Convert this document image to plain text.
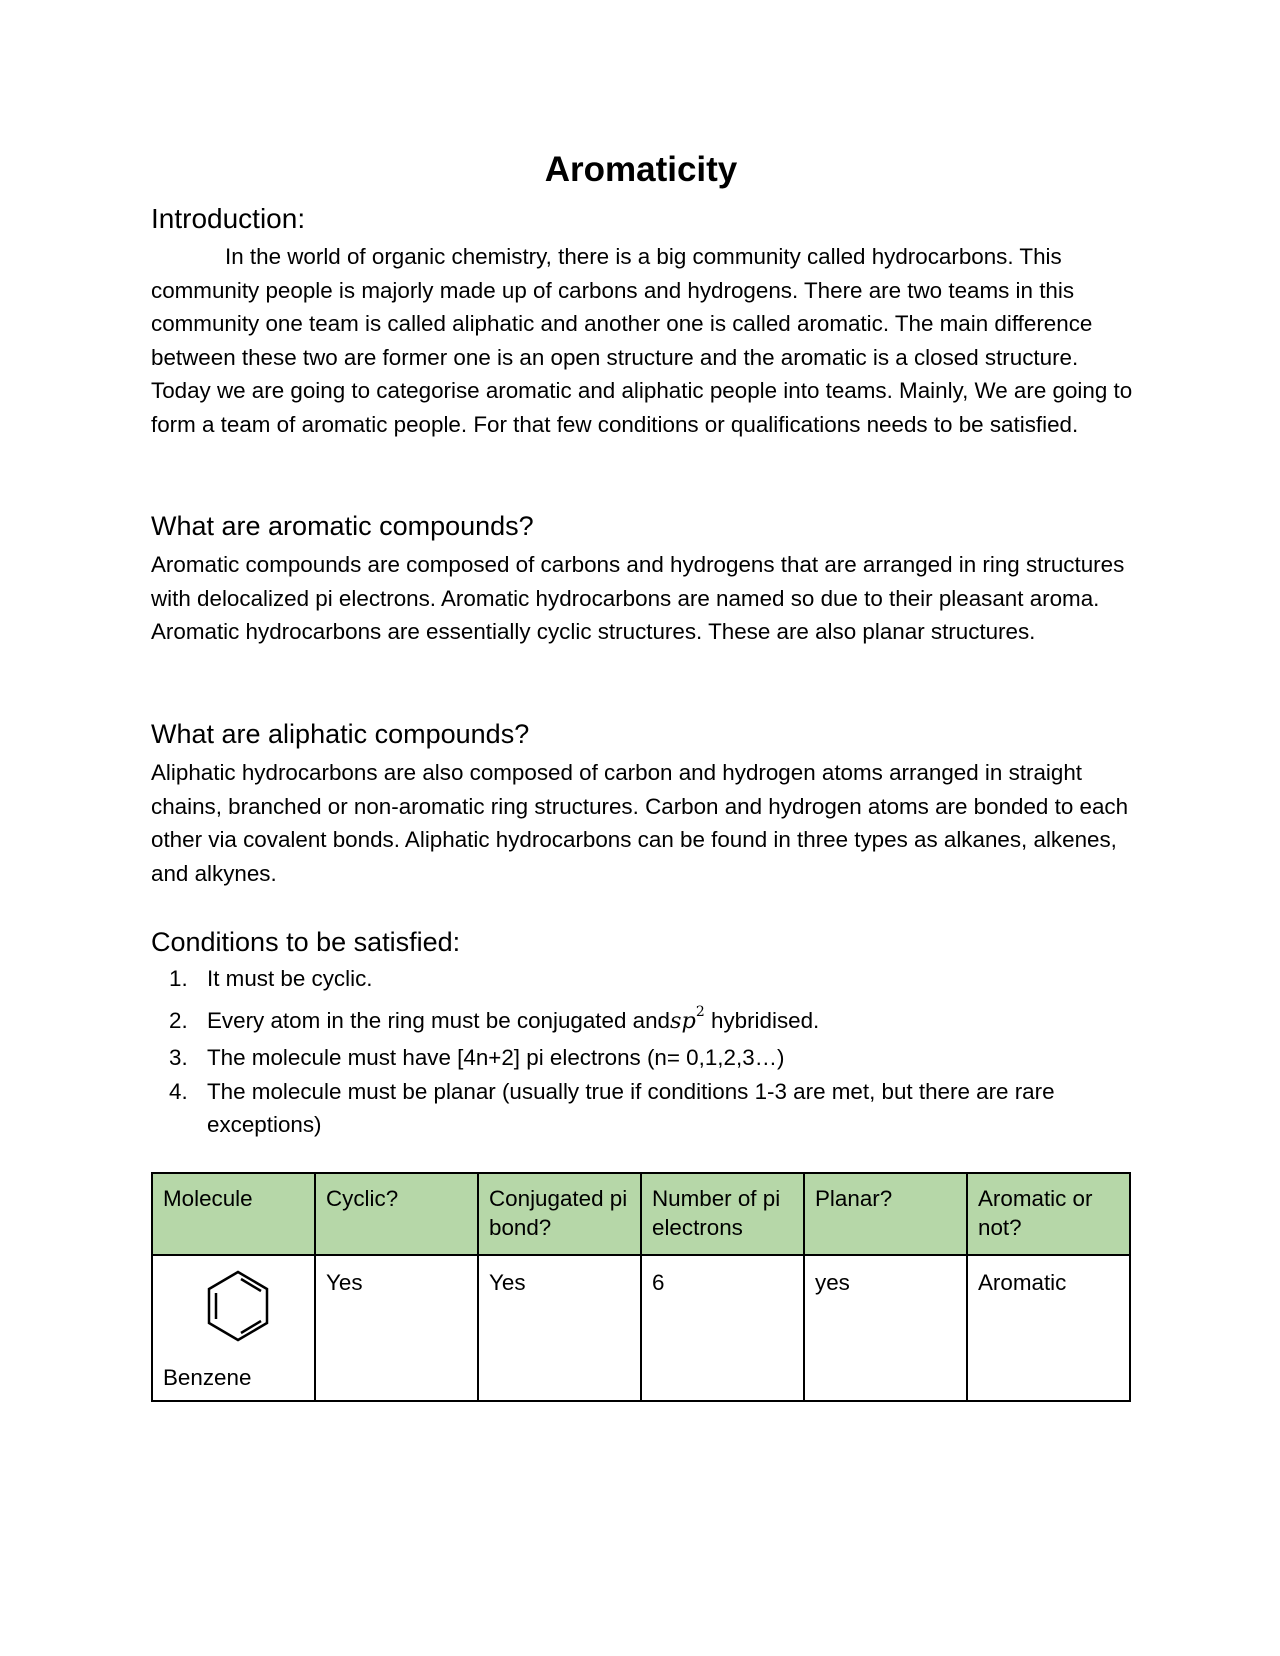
Aromaticity
Introduction:

In the world of organic chemistry, there is a big community called hydrocarbons. This community people is majorly made up of carbons and hydrogens. There are two teams in this community one team is called aliphatic and another one is called aromatic. The main difference between these two are former one is an open structure and the aromatic is a closed structure. Today we are going to categorise aromatic and aliphatic people into teams. Mainly, We are going to form a team of aromatic people. For that few conditions or qualifications needs to be satisfied.

What are aromatic compounds?

Aromatic compounds are composed of carbons and hydrogens that are arranged in ring structures with delocalized pi electrons. Aromatic hydrocarbons are named so due to their pleasant aroma. Aromatic hydrocarbons are essentially cyclic structures. These are also planar structures.

What are aliphatic compounds?

Aliphatic hydrocarbons are also composed of carbon and hydrogen atoms arranged in straight chains, branched or non-aromatic ring structures. Carbon and hydrogen atoms are bonded to each other via covalent bonds. Aliphatic hydrocarbons can be found in three types as alkanes, alkenes, and alkynes.

Conditions to be satisfied:
1. It must be cyclic.
2. Every atom in the ring must be conjugated andsp$^2$ hybridised.
3. The molecule must have [4n+2] pi electrons (n= 0,1,2,3…)
4. The molecule must be planar (usually true if conditions 1-3 are met, but there are rare exceptions)
Molecule	Cyclic?	Conjugated pi bond?	Number of pi electrons	Planar?	Aromatic or not?

Benzene	Yes	Yes	6	yes	Aromatic
